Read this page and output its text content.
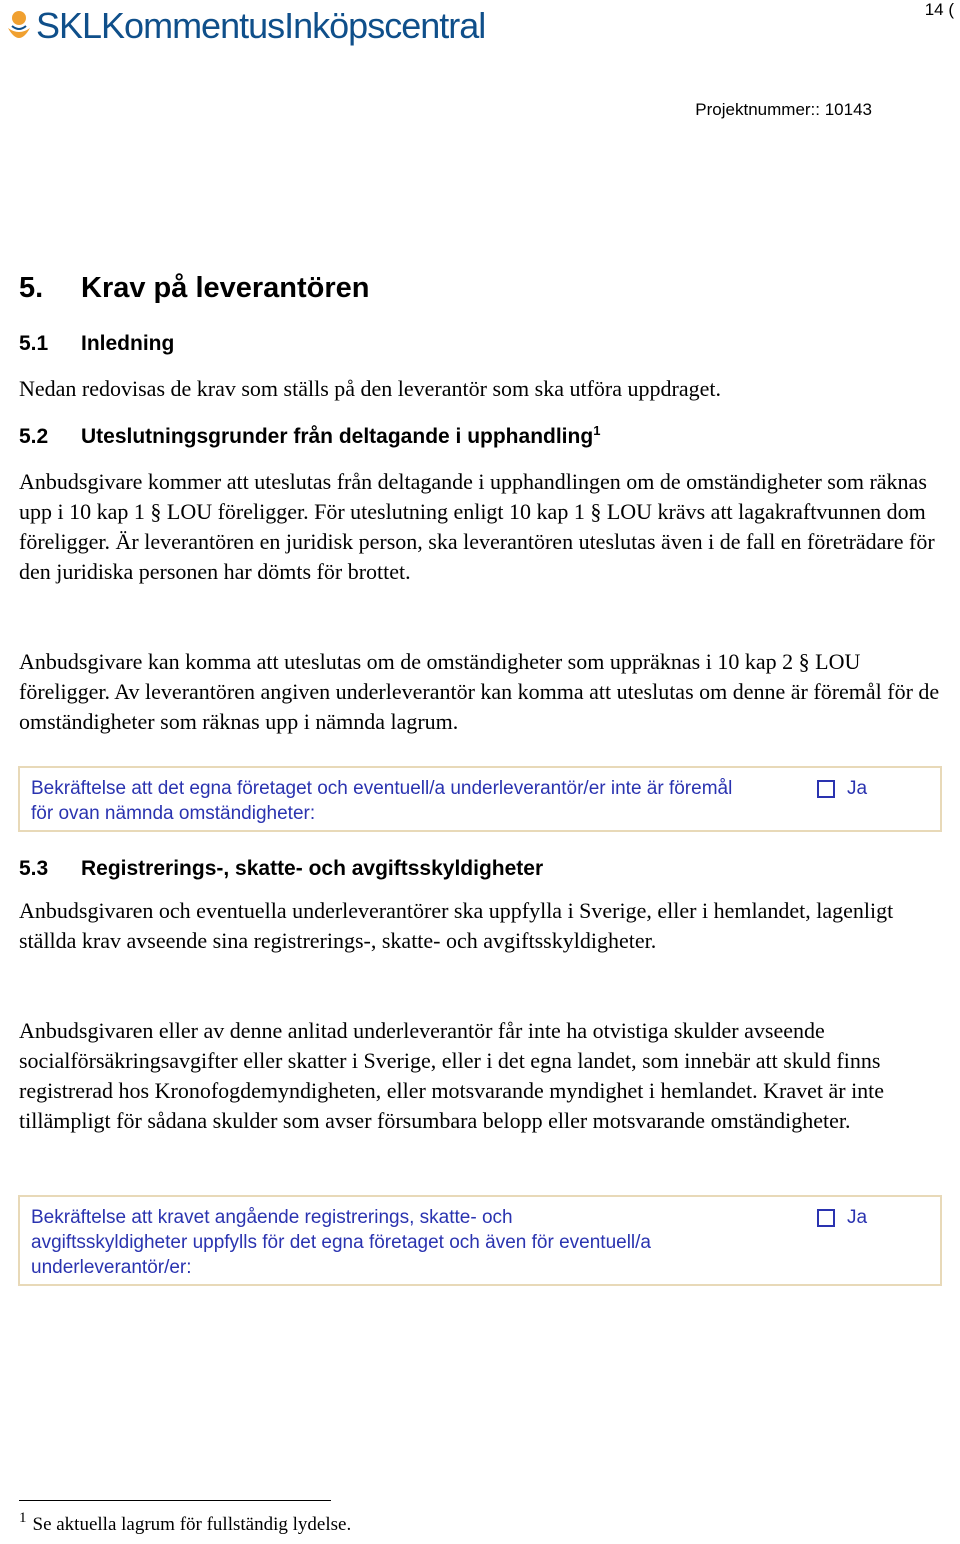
SKLKommentusInköpscentral	14 (
Projektnummer:: 10143
5. Krav på leverantören
5.1 Inledning
Nedan redovisas de krav som ställs på den leverantör som ska utföra uppdraget.
5.2 Uteslutningsgrunder från deltagande i upphandling$^1$
Anbudsgivare kommer att uteslutas från deltagande i upphandlingen om de omständigheter som räknas upp i 10 kap 1 § LOU föreligger. För uteslutning enligt 10 kap 1 § LOU krävs att lagakraftvunnen dom föreligger. Är leverantören en juridisk person, ska leverantören uteslutas även i de fall en företrädare för den juridiska personen har dömts för brottet.
Anbudsgivare kan komma att uteslutas om de omständigheter som uppräknas i 10 kap 2 § LOU föreligger. Av leverantören angiven underleverantör kan komma att uteslutas om denne är föremål för de omständigheter som räknas upp i nämnda lagrum.
Bekräftelse att det egna företaget och eventuell/a underleverantör/er inte är föremål för ovan nämnda omständigheter:
Ja
5.3 Registrerings-, skatte- och avgiftsskyldigheter
Anbudsgivaren och eventuella underleverantörer ska uppfylla i Sverige, eller i hemlandet, lagenligt ställda krav avseende sina registrerings-, skatte- och avgiftsskyldigheter.
Anbudsgivaren eller av denne anlitad underleverantör får inte ha otvistiga skulder avseende socialförsäkringsavgifter eller skatter i Sverige, eller i det egna landet, som innebär att skuld finns registrerad hos Kronofogdemyndigheten, eller motsvarande myndighet i hemlandet. Kravet är inte tillämpligt för sådana skulder som avser försumbara belopp eller motsvarande omständigheter.
Bekräftelse att kravet angående registrerings, skatte- och avgiftsskyldigheter uppfylls för det egna företaget och även för eventuell/a underleverantör/er:
Ja
$^1$ Se aktuella lagrum för fullständig lydelse.
